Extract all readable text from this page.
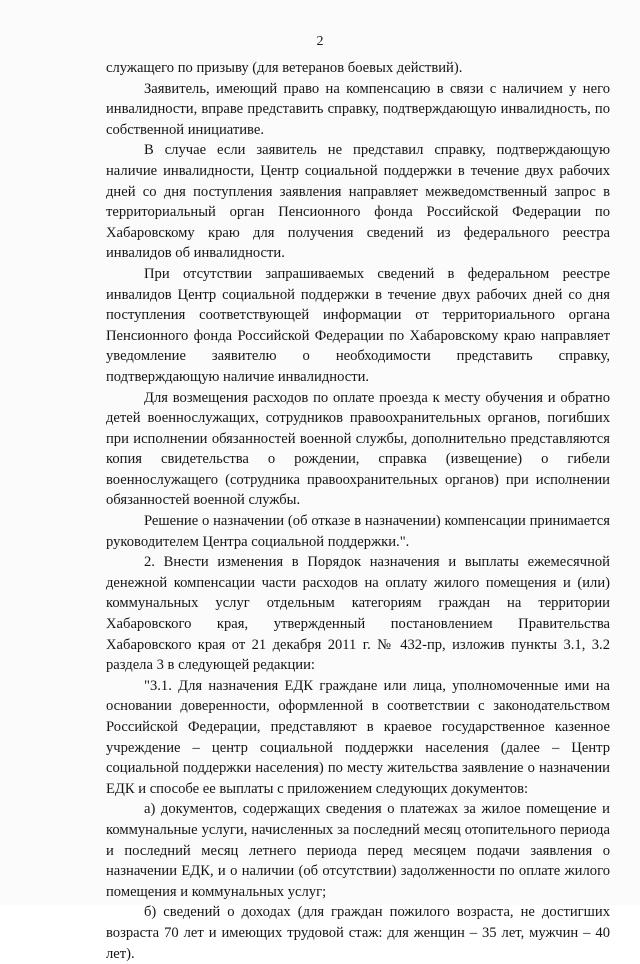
2

служащего по призыву (для ветеранов боевых действий).

Заявитель, имеющий право на компенсацию в связи с наличием у него инвалидности, вправе представить справку, подтверждающую инвалидность, по собственной инициативе.

В случае если заявитель не представил справку, подтверждающую наличие инвалидности, Центр социальной поддержки в течение двух рабочих дней со дня поступления заявления направляет межведомственный запрос в территориальный орган Пенсионного фонда Российской Федерации по Хабаровскому краю для получения сведений из федерального реестра инвалидов об инвалидности.

При отсутствии запрашиваемых сведений в федеральном реестре инвалидов Центр социальной поддержки в течение двух рабочих дней со дня поступления соответствующей информации от территориального органа Пенсионного фонда Российской Федерации по Хабаровскому краю направляет уведомление заявителю о необходимости представить справку, подтверждающую наличие инвалидности.

Для возмещения расходов по оплате проезда к месту обучения и обратно детей военнослужащих, сотрудников правоохранительных органов, погибших при исполнении обязанностей военной службы, дополнительно представляются копия свидетельства о рождении, справка (извещение) о гибели военнослужащего (сотрудника правоохранительных органов) при исполнении обязанностей военной службы.

Решение о назначении (об отказе в назначении) компенсации принимается руководителем Центра социальной поддержки.".

2. Внести изменения в Порядок назначения и выплаты ежемесячной денежной компенсации части расходов на оплату жилого помещения и (или) коммунальных услуг отдельным категориям граждан на территории Хабаровского края, утвержденный постановлением Правительства Хабаровского края от 21 декабря 2011 г. № 432-пр, изложив пункты 3.1, 3.2 раздела 3 в следующей редакции:

"3.1. Для назначения ЕДК граждане или лица, уполномоченные ими на основании доверенности, оформленной в соответствии с законодательством Российской Федерации, представляют в краевое государственное казенное учреждение – центр социальной поддержки населения (далее – Центр социальной поддержки населения) по месту жительства заявление о назначении ЕДК и способе ее выплаты с приложением следующих документов:

а) документов, содержащих сведения о платежах за жилое помещение и коммунальные услуги, начисленных за последний месяц отопительного периода и последний месяц летнего периода перед месяцем подачи заявления о назначении ЕДК, и о наличии (об отсутствии) задолженности по оплате жилого помещения и коммунальных услуг;

б) сведений о доходах (для граждан пожилого возраста, не достигших возраста 70 лет и имеющих трудовой стаж: для женщин – 35 лет, мужчин – 40 лет).
